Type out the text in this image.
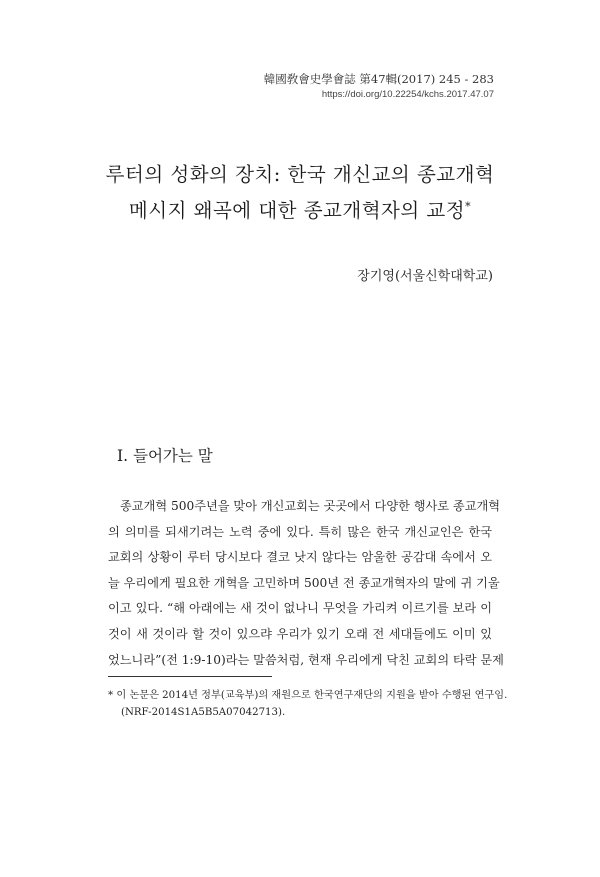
韓國敎會史學會誌 第47輯(2017) 245 - 283
https://doi.org/10.22254/kchs.2017.47.07
루터의 성화의 장치: 한국 개신교의 종교개혁
메시지 왜곡에 대한 종교개혁자의 교정*
장기영(서울신학대학교)
I. 들어가는 말
종교개혁 500주년을 맞아 개신교회는 곳곳에서 다양한 행사로 종교개혁
의 의미를 되새기려는 노력 중에 있다. 특히 많은 한국 개신교인은 한국
교회의 상황이 루터 당시보다 결코 낫지 않다는 암울한 공감대 속에서 오
늘 우리에게 필요한 개혁을 고민하며 500년 전 종교개혁자의 말에 귀 기울
이고 있다. “해 아래에는 새 것이 없나니 무엇을 가리켜 이르기를 보라 이
것이 새 것이라 할 것이 있으랴 우리가 있기 오래 전 세대들에도 이미 있
었느니라”(전 1:9-10)라는 말씀처럼, 현재 우리에게 닥친 교회의 타락 문제
* 이 논문은 2014년 정부(교육부)의 재원으로 한국연구재단의 지원을 받아 수행된 연구임.
(NRF-2014S1A5B5A07042713).
